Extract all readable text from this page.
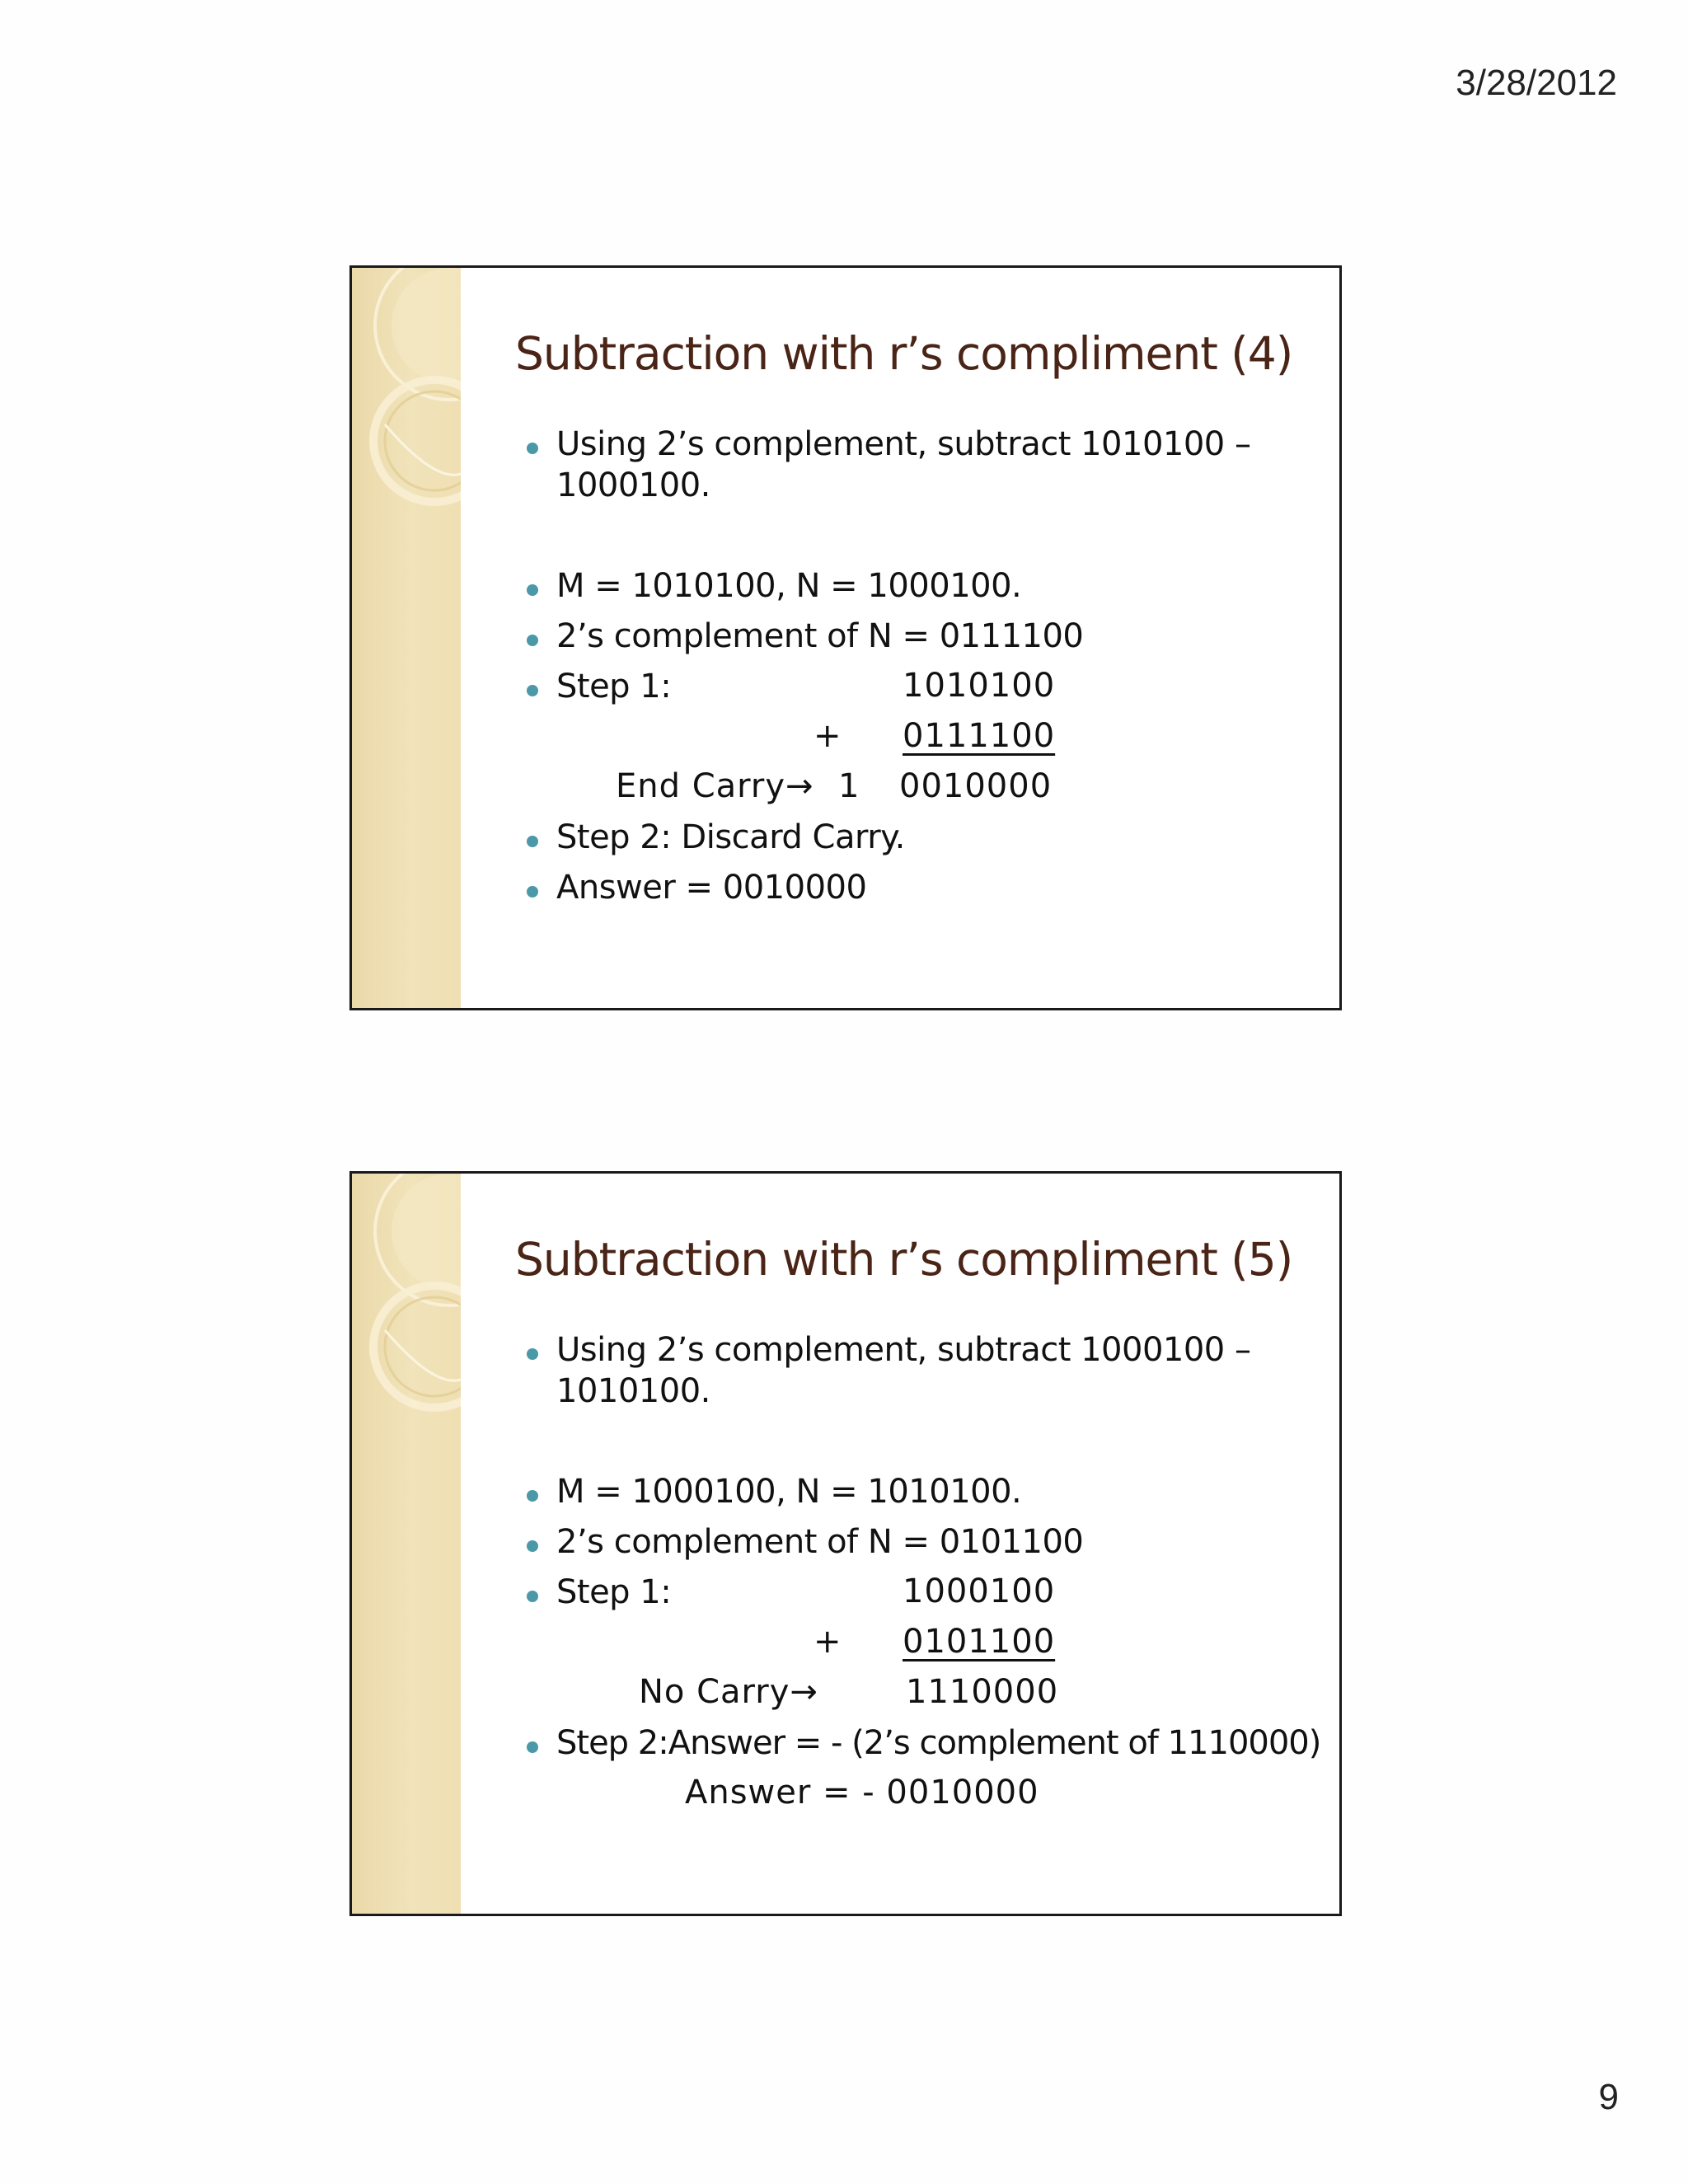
3/28/2012
Subtraction with r’s compliment (4)
Using 2’s complement, subtract 1010100 –
1000100.
M = 1010100, N = 1000100.
2’s complement of N = 0111100
Step 1:	1010100
+ 0111100
End Carry→ 1 0010000
Step 2: Discard Carry.
Answer = 0010000
Subtraction with r’s compliment (5)
Using 2’s complement, subtract 1000100 –
1010100.
M = 1000100, N = 1010100.
2’s complement of N = 0101100
Step 1:	1000100
+ 0101100
No Carry→	1110000
Step 2:Answer = - (2’s complement of 1110000)
Answer = - 0010000
9
